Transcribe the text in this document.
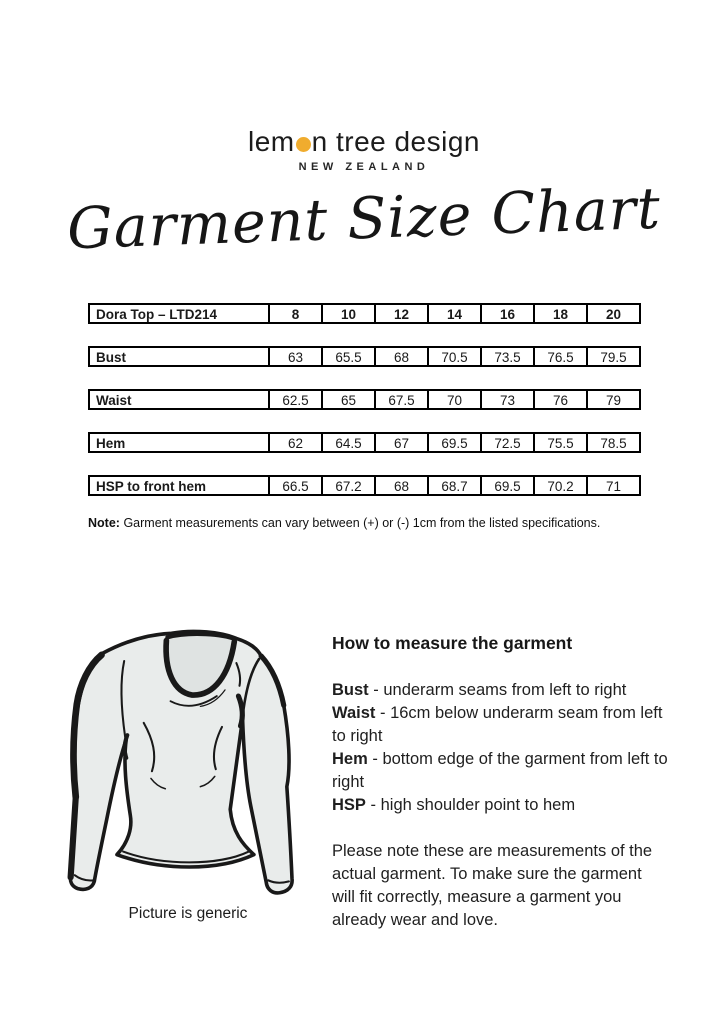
lem n tree design
NEW ZEALAND
Garment Size Chart
Dora Top – LTD214	8	10	12	14	16	18	20
Bust	63	65.5	68	70.5	73.5	76.5	79.5
Waist	62.5	65	67.5	70	73	76	79
Hem	62	64.5	67	69.5	72.5	75.5	78.5
HSP to front hem	66.5	67.2	68	68.7	69.5	70.2	71
Note: Garment measurements can vary between (+) or (-) 1cm from the listed specifications.
Picture is generic
How to measure the garment
Bust - underarm seams from left to right
Waist - 16cm below underarm seam from left to right
Hem - bottom edge of the garment from left to right
HSP - high shoulder point to hem
Please note these are measurements of the actual garment. To make sure the garment will fit correctly, measure a garment you already wear and love.
